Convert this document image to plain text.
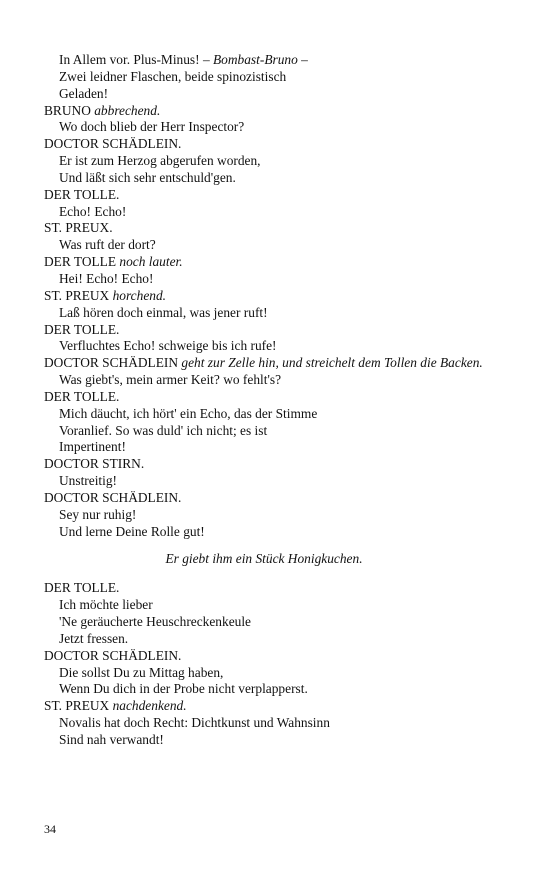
In Allem vor. Plus-Minus! – Bombast-Bruno –
Zwei leidner Flaschen, beide spinozistisch
Geladen!
BRUNO abbrechend.
Wo doch blieb der Herr Inspector?
DOCTOR SCHÄDLEIN.
Er ist zum Herzog abgerufen worden,
Und läßt sich sehr entschuld'gen.
DER TOLLE.
Echo! Echo!
ST. PREUX.
Was ruft der dort?
DER TOLLE noch lauter.
Hei! Echo! Echo!
ST. PREUX horchend.
Laß hören doch einmal, was jener ruft!
DER TOLLE.
Verfluchtes Echo! schweige bis ich rufe!
DOCTOR SCHÄDLEIN geht zur Zelle hin, und streichelt dem Tollen die Backen.
Was giebt's, mein armer Keit? wo fehlt's?
DER TOLLE.
Mich däucht, ich hört' ein Echo, das der Stimme
Voranlief. So was duld' ich nicht; es ist
Impertinent!
DOCTOR STIRN.
Unstreitig!
DOCTOR SCHÄDLEIN.
Sey nur ruhig!
Und lerne Deine Rolle gut!
Er giebt ihm ein Stück Honigkuchen.
DER TOLLE.
Ich möchte lieber
'Ne geräucherte Heuschreckenkeule
Jetzt fressen.
DOCTOR SCHÄDLEIN.
Die sollst Du zu Mittag haben,
Wenn Du dich in der Probe nicht verplapperst.
ST. PREUX nachdenkend.
Novalis hat doch Recht: Dichtkunst und Wahnsinn
Sind nah verwandt!
34
